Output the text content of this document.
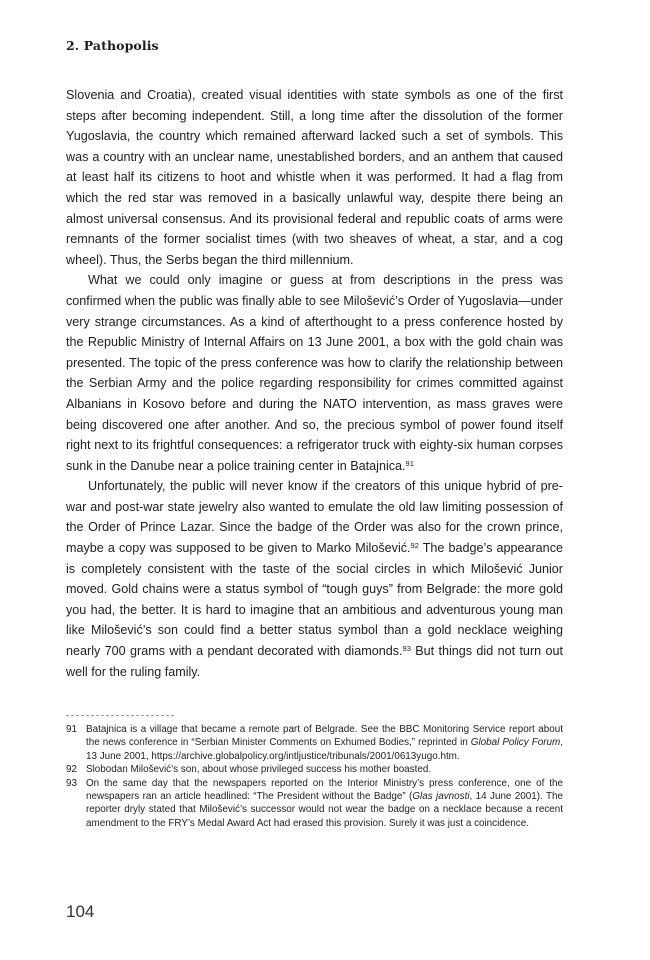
2. Pathopolis

Slovenia and Croatia), created visual identities with state symbols as one of the first steps after becoming independent. Still, a long time after the dissolution of the former Yugoslavia, the country which remained afterward lacked such a set of symbols. This was a country with an unclear name, unestablished borders, and an anthem that caused at least half its citizens to hoot and whistle when it was performed. It had a flag from which the red star was removed in a basically unlawful way, despite there being an almost universal consensus. And its provisional federal and republic coats of arms were remnants of the former socialist times (with two sheaves of wheat, a star, and a cog wheel). Thus, the Serbs began the third millennium.

What we could only imagine or guess at from descriptions in the press was confirmed when the public was finally able to see Milošević’s Order of Yugoslavia—under very strange circumstances. As a kind of afterthought to a press conference hosted by the Republic Ministry of Internal Affairs on 13 June 2001, a box with the gold chain was presented. The topic of the press conference was how to clarify the relationship between the Serbian Army and the police regarding responsibility for crimes committed against Albanians in Kosovo before and during the NATO intervention, as mass graves were being discovered one after another. And so, the precious symbol of power found itself right next to its frightful consequences: a refrigerator truck with eighty-six human corpses sunk in the Danube near a police training center in Batajnica.$^{91}$

Unfortunately, the public will never know if the creators of this unique hybrid of pre-war and post-war state jewelry also wanted to emulate the old law limiting possession of the Order of Prince Lazar. Since the badge of the Order was also for the crown prince, maybe a copy was supposed to be given to Marko Milošević.$^{92}$ The badge’s appearance is completely consistent with the taste of the social circles in which Milošević Junior moved. Gold chains were a status symbol of “tough guys” from Belgrade: the more gold you had, the better. It is hard to imagine that an ambitious and adventurous young man like Milošević’s son could find a better status symbol than a gold necklace weighing nearly 700 grams with a pendant decorated with diamonds.$^{93}$ But things did not turn out well for the ruling family.

91 Batajnica is a village that became a remote part of Belgrade. See the BBC Monitoring Service report about the news conference in “Serbian Minister Comments on Exhumed Bodies,” reprinted in Global Policy Forum, 13 June 2001, https://archive.globalpolicy.org/intljustice/tribunals/2001/0613yugo.htm.
92 Slobodan Milošević’s son, about whose privileged success his mother boasted.
93 On the same day that the newspapers reported on the Interior Ministry’s press conference, one of the newspapers ran an article headlined: “The President without the Badge” (Glas javnosti, 14 June 2001). The reporter dryly stated that Milošević’s successor would not wear the badge on a necklace because a recent amendment to the FRY’s Medal Award Act had erased this provision. Surely it was just a coincidence.
104
